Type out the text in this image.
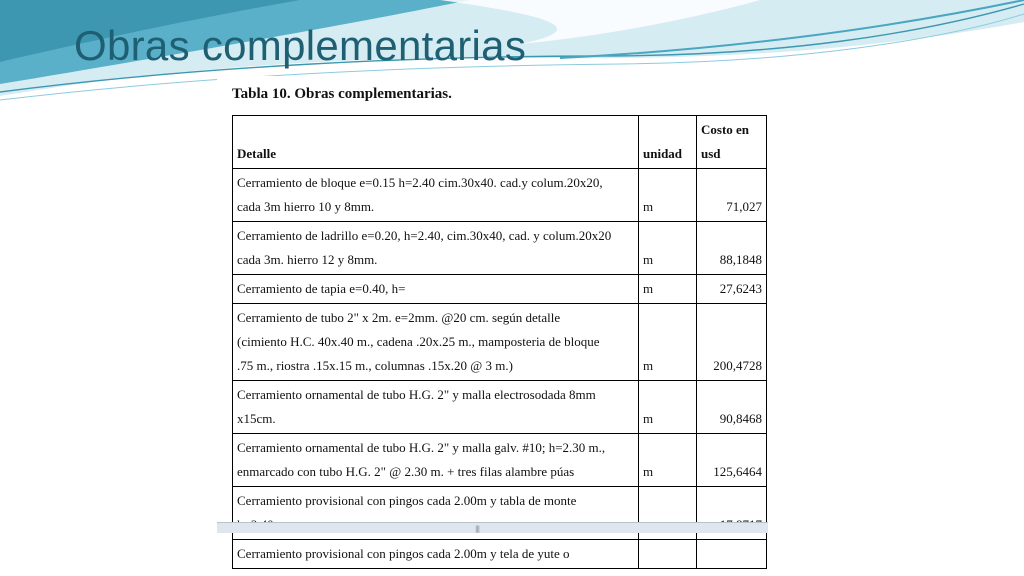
Obras complementarias
Tabla 10. Obras complementarias.
Detalle	unidad	Costo en
usd

Cerramiento de bloque e=0.15 h=2.40 cim.30x40. cad.y colum.20x20,
cada 3m hierro 10 y 8mm.	m	71,027

Cerramiento de ladrillo e=0.20, h=2.40, cim.30x40, cad. y colum.20x20
cada 3m. hierro 12 y 8mm.	m	88,1848

Cerramiento de tapia e=0.40, h=	m	27,6243

Cerramiento de tubo 2" x 2m. e=2mm. @20 cm. según detalle
(cimiento H.C. 40x.40 m., cadena .20x.25 m., mamposteria de bloque
.75 m., riostra .15x.15 m., columnas .15x.20 @ 3 m.)	m	200,4728

Cerramiento ornamental de tubo H.G. 2" y malla electrosodada 8mm
x15cm.	m	90,8468

Cerramiento ornamental de tubo H.G. 2" y malla galv. #10; h=2.30 m.,
enmarcado con tubo H.G. 2" @ 2.30 m. + tres filas alambre púas	m	125,6464

Cerramiento provisional con pingos cada 2.00m y tabla de monte

Cerramiento provisional con pingos cada 2.00m y tela de yute o		

|||
